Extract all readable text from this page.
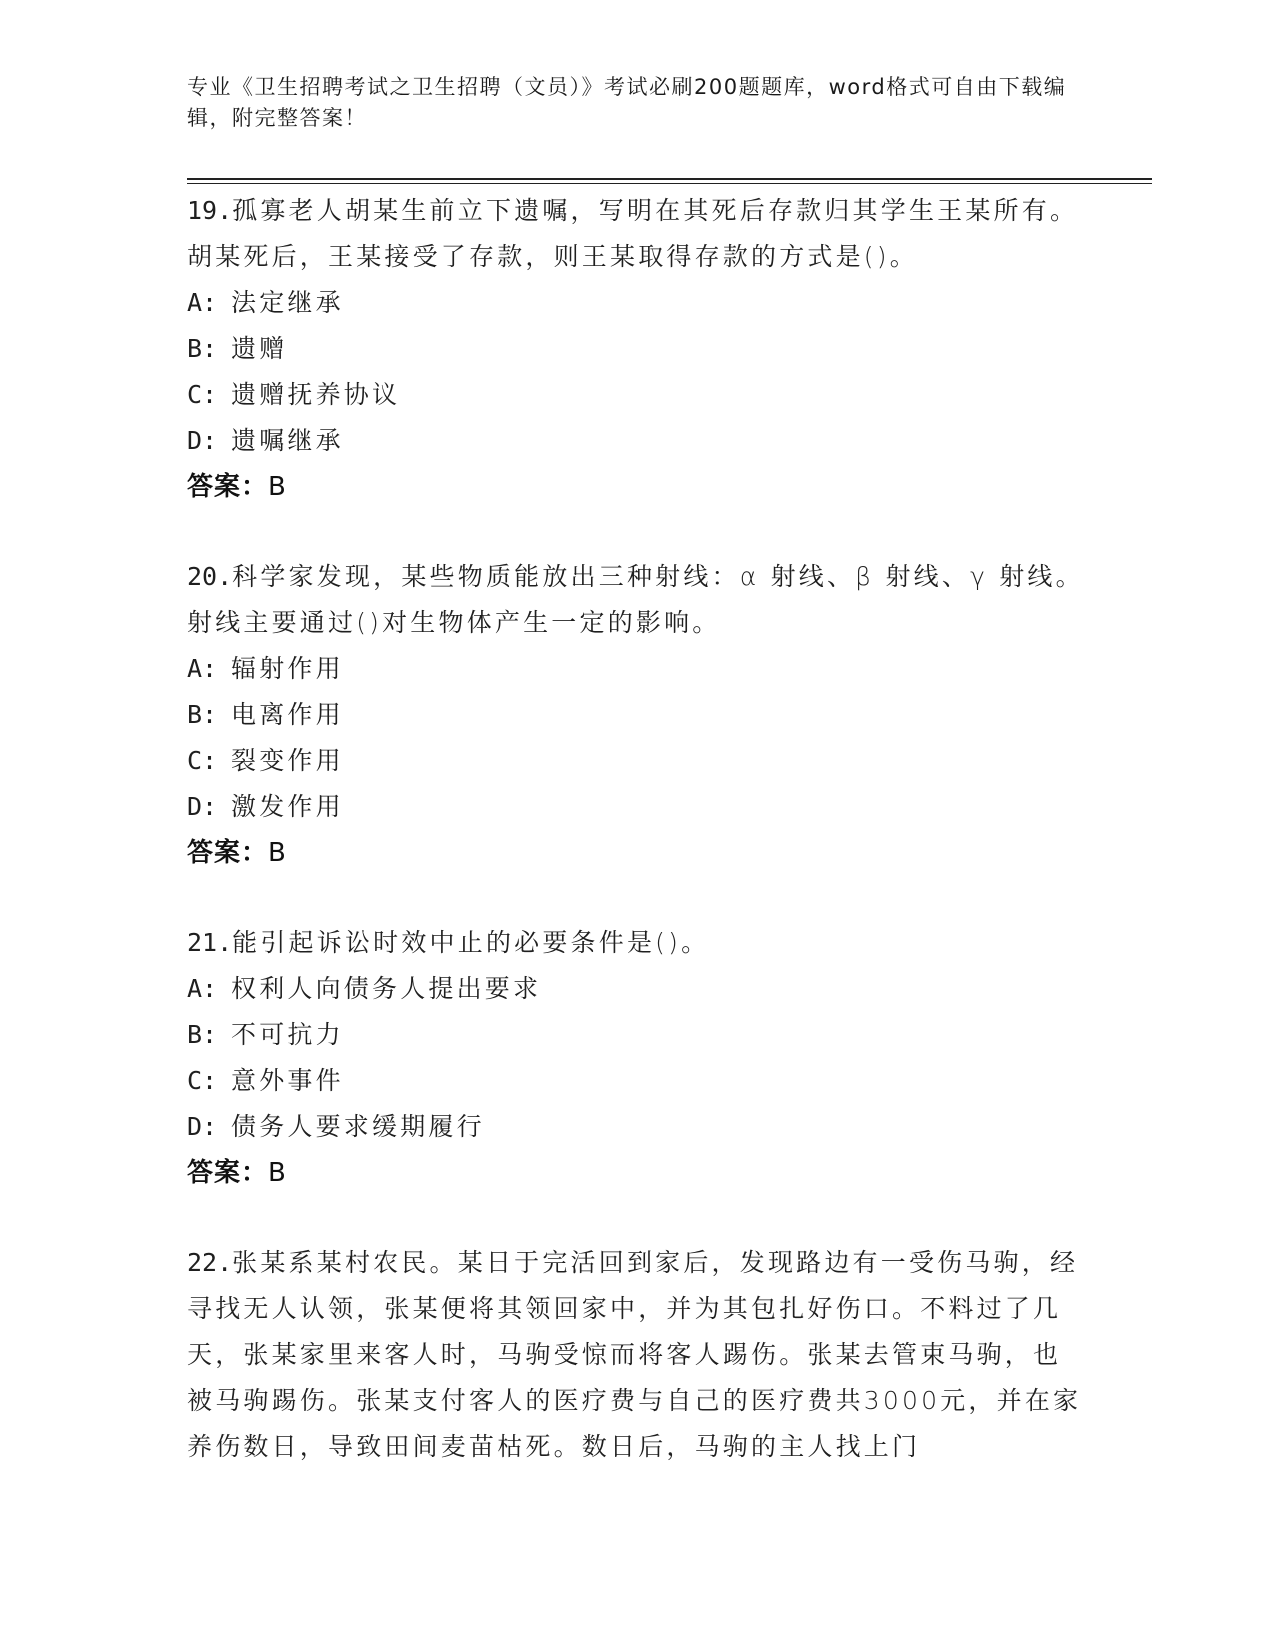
专业《卫生招聘考试之卫生招聘（文员）》考试必刷200题题库，word格式可自由下载编辑，附完整答案！
19.孤寡老人胡某生前立下遗嘱，写明在其死后存款归其学生王某所有。胡某死后，王某接受了存款，则王某取得存款的方式是()。
A: 法定继承
B: 遗赠
C: 遗赠抚养协议
D: 遗嘱继承
答案：B
20.科学家发现，某些物质能放出三种射线：α 射线、β 射线、γ 射线。射线主要通过()对生物体产生一定的影响。
A: 辐射作用
B: 电离作用
C: 裂变作用
D: 激发作用
答案：B
21.能引起诉讼时效中止的必要条件是()。
A: 权利人向债务人提出要求
B: 不可抗力
C: 意外事件
D: 债务人要求缓期履行
答案：B
22.张某系某村农民。某日于完活回到家后，发现路边有一受伤马驹，经寻找无人认领，张某便将其领回家中，并为其包扎好伤口。不料过了几天，张某家里来客人时，马驹受惊而将客人踢伤。张某去管束马驹，也被马驹踢伤。张某支付客人的医疗费与自己的医疗费共3000元，并在家养伤数日，导致田间麦苗枯死。数日后，马驹的主人找上门
